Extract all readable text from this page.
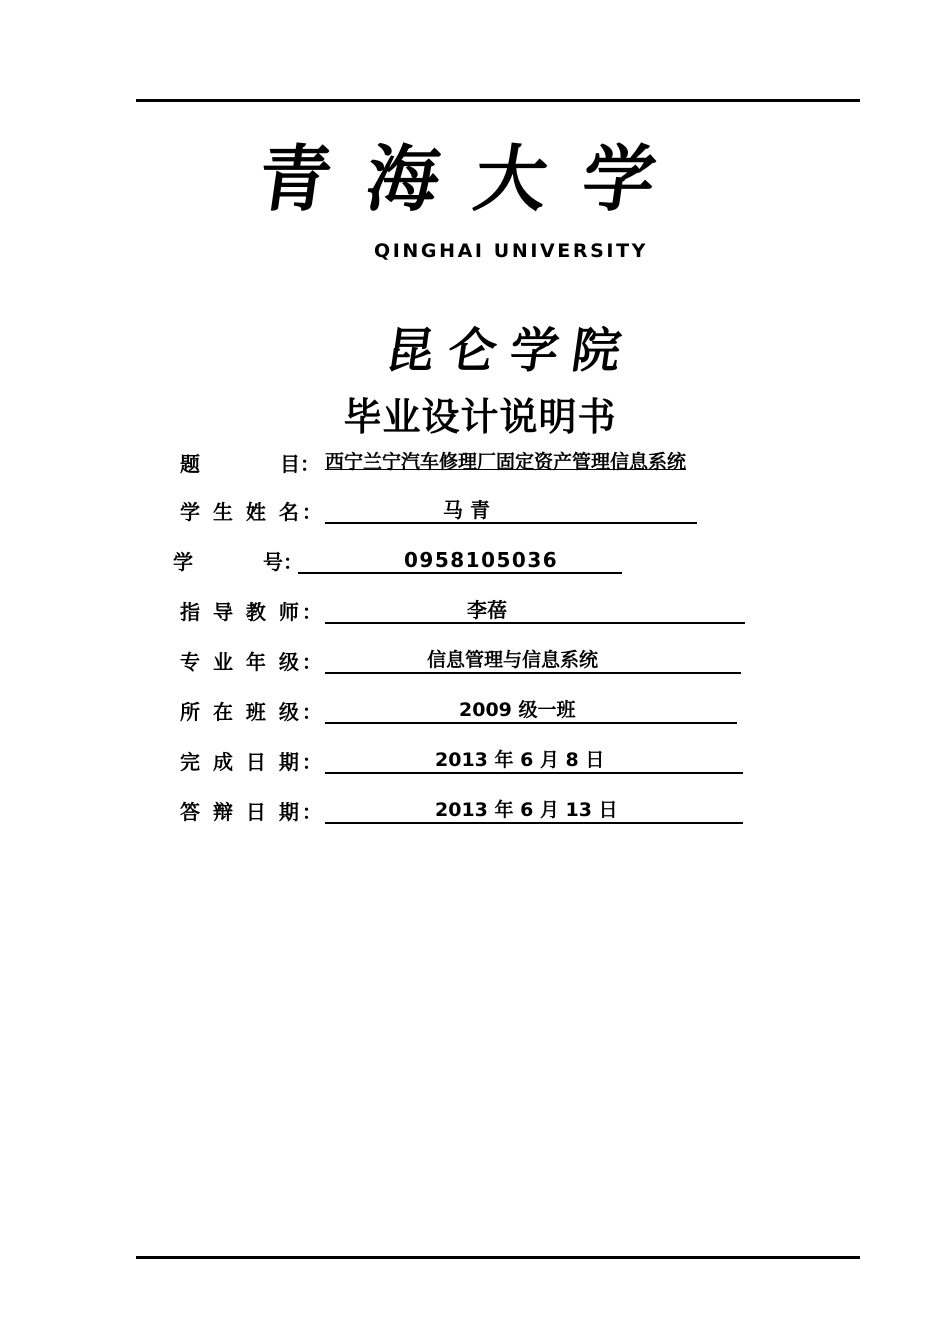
青海大学
QINGHAI UNIVERSITY
昆仑学院
毕业设计说明书
题	目： 西宁兰宁汽车修理厂固定资产管理信息系统
学 生 姓 名：	马 青
学	号：	0958105036
指 导 教 师：	李蓓
专 业 年 级：	信息管理与信息系统
所 在 班 级：	2009 级一班
完 成 日 期：	2013 年 6 月 8 日
答 辩 日 期：	2013 年 6 月 13 日
